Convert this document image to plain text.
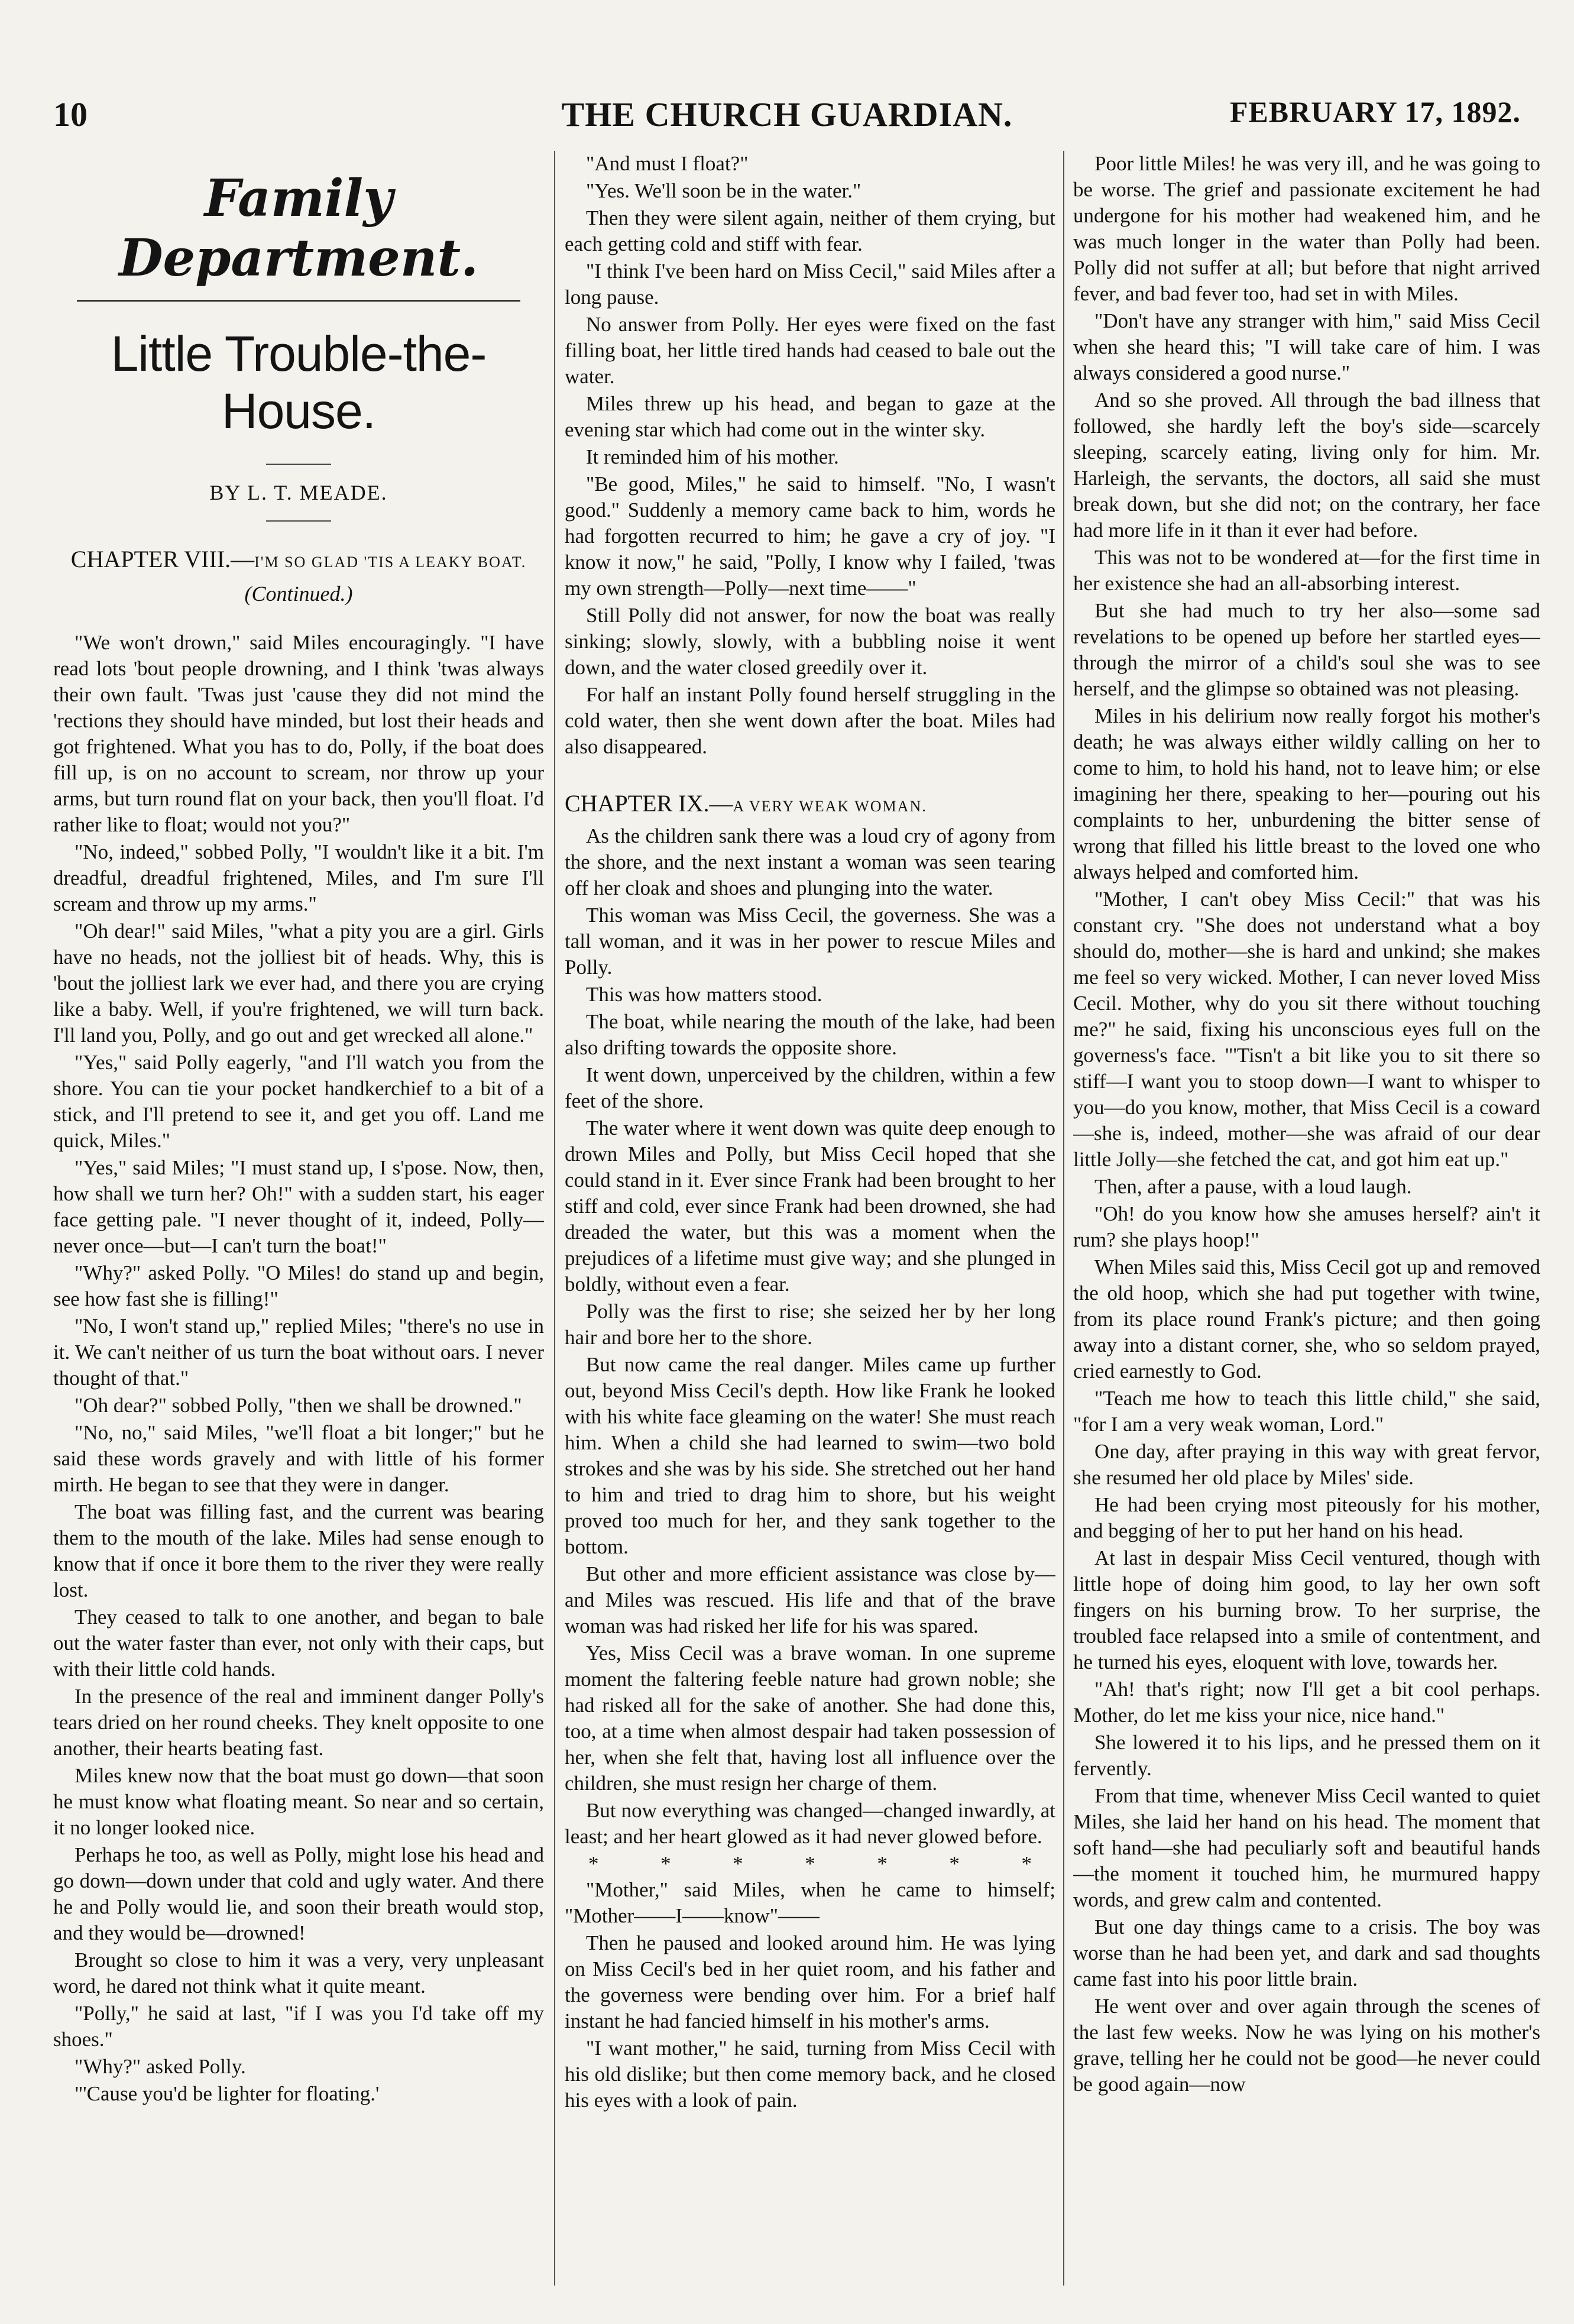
10	THE CHURCH GUARDIAN.	FEBRUARY 17, 1892.
Family Department.
Little Trouble-the-House.
BY L. T. MEADE.
CHAPTER VIII.—I'M SO GLAD 'TIS A LEAKY BOAT.
(Continued.)

"We won't drown," said Miles encouragingly. "I have read lots 'bout people drowning, and I think 'twas always their own fault. 'Twas just 'cause they did not mind the 'rections they should have minded, but lost their heads and got frightened. What you has to do, Polly, if the boat does fill up, is on no account to scream, nor throw up your arms, but turn round flat on your back, then you'll float. I'd rather like to float; would not you?"

"No, indeed," sobbed Polly, "I wouldn't like it a bit. I'm dreadful, dreadful frightened, Miles, and I'm sure I'll scream and throw up my arms."

"Oh dear!" said Miles, "what a pity you are a girl. Girls have no heads, not the jolliest bit of heads. Why, this is 'bout the jolliest lark we ever had, and there you are crying like a baby. Well, if you're frightened, we will turn back. I'll land you, Polly, and go out and get wrecked all alone."

"Yes," said Polly eagerly, "and I'll watch you from the shore. You can tie your pocket handkerchief to a bit of a stick, and I'll pretend to see it, and get you off. Land me quick, Miles."

"Yes," said Miles; "I must stand up, I s'pose. Now, then, how shall we turn her? Oh!" with a sudden start, his eager face getting pale. "I never thought of it, indeed, Polly—never once—but—I can't turn the boat!"

"Why?" asked Polly. "O Miles! do stand up and begin, see how fast she is filling!"

"No, I won't stand up," replied Miles; "there's no use in it. We can't neither of us turn the boat without oars. I never thought of that."

"Oh dear?" sobbed Polly, "then we shall be drowned."

"No, no," said Miles, "we'll float a bit longer;" but he said these words gravely and with little of his former mirth. He began to see that they were in danger.

The boat was filling fast, and the current was bearing them to the mouth of the lake. Miles had sense enough to know that if once it bore them to the river they were really lost.

They ceased to talk to one another, and began to bale out the water faster than ever, not only with their caps, but with their little cold hands.

In the presence of the real and imminent danger Polly's tears dried on her round cheeks. They knelt opposite to one another, their hearts beating fast.

Miles knew now that the boat must go down—that soon he must know what floating meant. So near and so certain, it no longer looked nice.

Perhaps he too, as well as Polly, might lose his head and go down—down under that cold and ugly water. And there he and Polly would lie, and soon their breath would stop, and they would be—drowned!

Brought so close to him it was a very, very unpleasant word, he dared not think what it quite meant.

"Polly," he said at last, "if I was you I'd take off my shoes."

"Why?" asked Polly.

"'Cause you'd be lighter for floating.'

"And must I float?"

"Yes. We'll soon be in the water."

Then they were silent again, neither of them crying, but each getting cold and stiff with fear.

"I think I've been hard on Miss Cecil," said Miles after a long pause.

No answer from Polly. Her eyes were fixed on the fast filling boat, her little tired hands had ceased to bale out the water.

Miles threw up his head, and began to gaze at the evening star which had come out in the winter sky.

It reminded him of his mother.

"Be good, Miles," he said to himself. "No, I wasn't good." Suddenly a memory came back to him, words he had forgotten recurred to him; he gave a cry of joy. "I know it now," he said, "Polly, I know why I failed, 'twas my own strength—Polly—next time——"

Still Polly did not answer, for now the boat was really sinking; slowly, slowly, with a bubbling noise it went down, and the water closed greedily over it.

For half an instant Polly found herself struggling in the cold water, then she went down after the boat. Miles had also disappeared.

CHAPTER IX.—A VERY WEAK WOMAN.

As the children sank there was a loud cry of agony from the shore, and the next instant a woman was seen tearing off her cloak and shoes and plunging into the water.

This woman was Miss Cecil, the governess. She was a tall woman, and it was in her power to rescue Miles and Polly.

This was how matters stood.

The boat, while nearing the mouth of the lake, had been also drifting towards the opposite shore.

It went down, unperceived by the children, within a few feet of the shore.

The water where it went down was quite deep enough to drown Miles and Polly, but Miss Cecil hoped that she could stand in it. Ever since Frank had been brought to her stiff and cold, ever since Frank had been drowned, she had dreaded the water, but this was a moment when the prejudices of a lifetime must give way; and she plunged in boldly, without even a fear.

Polly was the first to rise; she seized her by her long hair and bore her to the shore.

But now came the real danger. Miles came up further out, beyond Miss Cecil's depth. How like Frank he looked with his white face gleaming on the water! She must reach him. When a child she had learned to swim—two bold strokes and she was by his side. She stretched out her hand to him and tried to drag him to shore, but his weight proved too much for her, and they sank together to the bottom.

But other and more efficient assistance was close by—and Miles was rescued. His life and that of the brave woman was had risked her life for his was spared.

Yes, Miss Cecil was a brave woman. In one supreme moment the faltering feeble nature had grown noble; she had risked all for the sake of another. She had done this, too, at a time when almost despair had taken possession of her, when she felt that, having lost all influence over the children, she must resign her charge of them.

But now everything was changed—changed inwardly, at least; and her heart glowed as it had never glowed before.

*	*	*	*	*	*	*

"Mother," said Miles, when he came to himself; "Mother——I——know"——

Then he paused and looked around him. He was lying on Miss Cecil's bed in her quiet room, and his father and the governess were bending over him. For a brief half instant he had fancied himself in his mother's arms.

"I want mother," he said, turning from Miss Cecil with his old dislike; but then come memory back, and he closed his eyes with a look of pain.

Poor little Miles! he was very ill, and he was going to be worse. The grief and passionate excitement he had undergone for his mother had weakened him, and he was much longer in the water than Polly had been. Polly did not suffer at all; but before that night arrived fever, and bad fever too, had set in with Miles.

"Don't have any stranger with him," said Miss Cecil when she heard this; "I will take care of him. I was always considered a good nurse."

And so she proved. All through the bad illness that followed, she hardly left the boy's side—scarcely sleeping, scarcely eating, living only for him. Mr. Harleigh, the servants, the doctors, all said she must break down, but she did not; on the contrary, her face had more life in it than it ever had before.

This was not to be wondered at—for the first time in her existence she had an all-absorbing interest.

But she had much to try her also—some sad revelations to be opened up before her startled eyes—through the mirror of a child's soul she was to see herself, and the glimpse so obtained was not pleasing.

Miles in his delirium now really forgot his mother's death; he was always either wildly calling on her to come to him, to hold his hand, not to leave him; or else imagining her there, speaking to her—pouring out his complaints to her, unburdening the bitter sense of wrong that filled his little breast to the loved one who always helped and comforted him.

"Mother, I can't obey Miss Cecil:" that was his constant cry. "She does not understand what a boy should do, mother—she is hard and unkind; she makes me feel so very wicked. Mother, I can never loved Miss Cecil. Mother, why do you sit there without touching me?" he said, fixing his unconscious eyes full on the governess's face. "'Tisn't a bit like you to sit there so stiff—I want you to stoop down—I want to whisper to you—do you know, mother, that Miss Cecil is a coward—she is, indeed, mother—she was afraid of our dear little Jolly—she fetched the cat, and got him eat up."

Then, after a pause, with a loud laugh.

"Oh! do you know how she amuses herself? ain't it rum? she plays hoop!"

When Miles said this, Miss Cecil got up and removed the old hoop, which she had put together with twine, from its place round Frank's picture; and then going away into a distant corner, she, who so seldom prayed, cried earnestly to God.

"Teach me how to teach this little child," she said, "for I am a very weak woman, Lord."

One day, after praying in this way with great fervor, she resumed her old place by Miles' side.

He had been crying most piteously for his mother, and begging of her to put her hand on his head.

At last in despair Miss Cecil ventured, though with little hope of doing him good, to lay her own soft fingers on his burning brow. To her surprise, the troubled face relapsed into a smile of contentment, and he turned his eyes, eloquent with love, towards her.

"Ah! that's right; now I'll get a bit cool perhaps. Mother, do let me kiss your nice, nice hand."

She lowered it to his lips, and he pressed them on it fervently.

From that time, whenever Miss Cecil wanted to quiet Miles, she laid her hand on his head. The moment that soft hand—she had peculiarly soft and beautiful hands—the moment it touched him, he murmured happy words, and grew calm and contented.

But one day things came to a crisis. The boy was worse than he had been yet, and dark and sad thoughts came fast into his poor little brain.

He went over and over again through the scenes of the last few weeks. Now he was lying on his mother's grave, telling her he could not be good—he never could be good again—now
